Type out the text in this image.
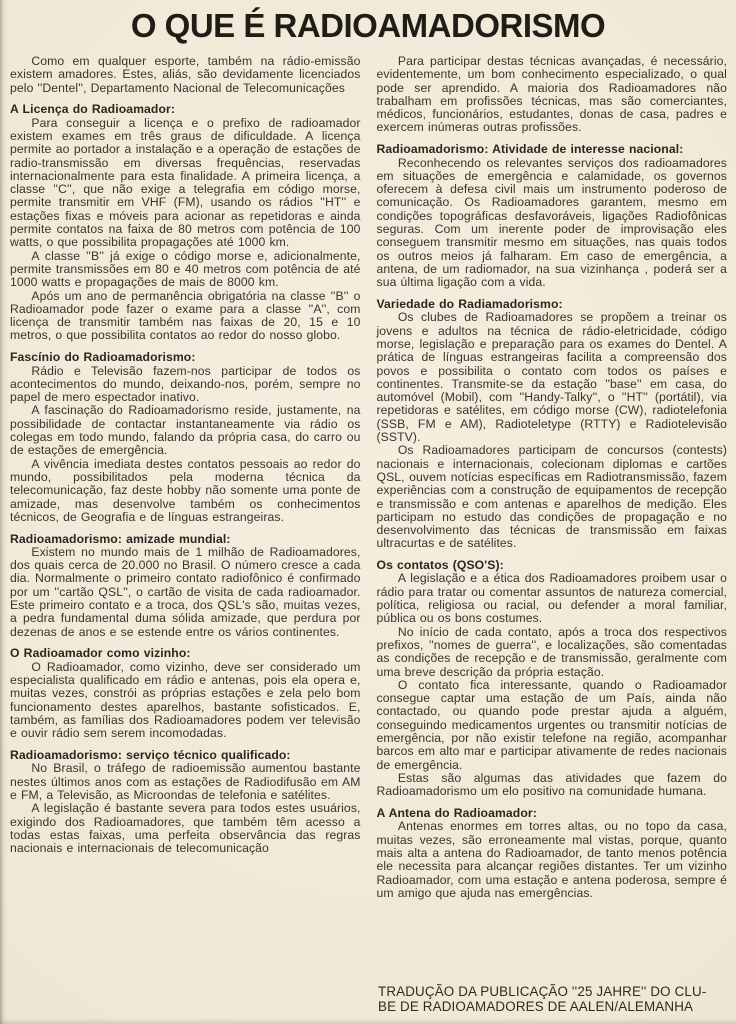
O QUE É RADIOAMADORISMO
Como em qualquer esporte, também na rádio-emissão existem amadores. Estes, aliás, são devidamente licenciados pelo ''Dentel'', Departamento Nacional de Telecomunicações
A Licença do Radioamador:
Para conseguir a licença e o prefixo de radioamador existem exames em três graus de dificuldade. A licença permite ao portador a instalação e a operação de estações de radio-transmissão em diversas frequências, reservadas internacionalmente para esta finalidade. A primeira licença, a classe ''C'', que não exige a telegrafia em código morse, permite transmitir em VHF (FM), usando os rádios ''HT'' e estações fixas e móveis para acionar as repetidoras e ainda permite contatos na faixa de 80 metros com potência de 100 watts, o que possibilita propagações até 1000 km.
A classe ''B'' já exige o código morse e, adicionalmente, permite transmissões em 80 e 40 metros com potência de até 1000 watts e propagações de mais de 8000 km.
Após um ano de permanência obrigatória na classe ''B'' o Radioamador pode fazer o exame para a classe ''A'', com licença de transmitir também nas faixas de 20, 15 e 10 metros, o que possibilita contatos ao redor do nosso globo.
Fascínio do Radioamadorismo:
Rádio e Televisão fazem-nos participar de todos os acontecimentos do mundo, deixando-nos, porém, sempre no papel de mero espectador inativo.
A fascinação do Radioamadorismo reside, justamente, na possibilidade de contactar instantaneamente via rádio os colegas em todo mundo, falando da própria casa, do carro ou de estações de emergência.
A vivência imediata destes contatos pessoais ao redor do mundo, possibilitados pela moderna técnica da telecomunicação, faz deste hobby não somente uma ponte de amizade, mas desenvolve também os conhecimentos técnicos, de Geografia e de línguas estrangeiras.
Radioamadorismo: amizade mundial:
Existem no mundo mais de 1 milhão de Radioamadores, dos quais cerca de 20.000 no Brasil. O número cresce a cada dia. Normalmente o primeiro contato radiofônico é confirmado por um ''cartão QSL'', o cartão de visita de cada radioamador. Este primeiro contato e a troca, dos QSL's são, muitas vezes, a pedra fundamental duma sólida amizade, que perdura por dezenas de anos e se estende entre os vários continentes.
O Radioamador como vizinho:
O Radioamador, como vizinho, deve ser considerado um especialista qualificado em rádio e antenas, pois ela opera e, muitas vezes, constrói as próprias estações e zela pelo bom funcionamento destes aparelhos, bastante sofisticados. E, também, as famílias dos Radioamadores podem ver televisão e ouvir rádio sem serem incomodadas.
Radioamadorismo: serviço técnico qualificado:
No Brasil, o tráfego de radioemissão aumentou bastante nestes últimos anos com as estações de Radiodifusão em AM e FM, a Televisão, as Microondas de telefonia e satélites.
A legislação é bastante severa para todos estes usuários, exigindo dos Radioamadores, que também têm acesso a todas estas faixas, uma perfeita observância das regras nacionais e internacionais de telecomunicação
Para participar destas técnicas avançadas, é necessário, evidentemente, um bom conhecimento especializado, o qual pode ser aprendido. A maioria dos Radioamadores não trabalham em profissões técnicas, mas são comerciantes, médicos, funcionários, estudantes, donas de casa, padres e exercem inúmeras outras profissões.
Radioamadorismo: Atividade de interesse nacional:
Reconhecendo os relevantes serviços dos radioamadores em situações de emergência e calamidade, os governos oferecem à defesa civil mais um instrumento poderoso de comunicação. Os Radioamadores garantem, mesmo em condições topográficas desfavoráveis, ligações Radiofônicas seguras. Com um inerente poder de improvisação eles conseguem transmitir mesmo em situações, nas quais todos os outros meios já falharam. Em caso de emergência, a antena, de um radiomador, na sua vizinhança , poderá ser a sua última ligação com a vida.
Variedade do Radiamadorismo:
Os clubes de Radioamadores se propõem a treinar os jovens e adultos na técnica de rádio-eletricidade, código morse, legislação e preparação para os exames do Dentel. A prática de línguas estrangeiras facilita a compreensão dos povos e possibilita o contato com todos os países e continentes. Transmite-se da estação ''base'' em casa, do automóvel (Mobil), com ''Handy-Talky'', o ''HT'' (portátil), via repetidoras e satélites, em código morse (CW), radiotelefonia (SSB, FM e AM), Radioteletype (RTTY) e Radiotelevisão (SSTV).
Os Radioamadores participam de concursos (contests) nacionais e internacionais, colecionam diplomas e cartões QSL, ouvem notícias específicas em Radiotransmissão, fazem experiências com a construção de equipamentos de recepção e transmissão e com antenas e aparelhos de medição. Eles participam no estudo das condições de propagação e no desenvolvimento das técnicas de transmissão em faixas ultracurtas e de satélites.
Os contatos (QSO'S):
A legislação e a ética dos Radioamadores proibem usar o rádio para tratar ou comentar assuntos de natureza comercial, política, religiosa ou racial, ou defender a moral familiar, pública ou os bons costumes.
No início de cada contato, após a troca dos respectivos prefixos, ''nomes de guerra'', e localizações, são comentadas as condições de recepção e de transmissão, geralmente com uma breve descrição da própria estação.
O contato fica interessante, quando o Radioamador consegue captar uma estação de um País, ainda não contactado, ou quando pode prestar ajuda a alguém, conseguindo medicamentos urgentes ou transmitir notícias de emergência, por não existir telefone na região, acompanhar barcos em alto mar e participar ativamente de redes nacionais de emergência.
Estas são algumas das atividades que fazem do Radioamadorismo um elo positivo na comunidade humana.
A Antena do Radioamador:
Antenas enormes em torres altas, ou no topo da casa, muitas vezes, são erroneamente mal vistas, porque, quanto mais alta a antena do Radioamador, de tanto menos potência ele necessita para alcançar regiões distantes. Ter um vizinho Radioamador, com uma estação e antena poderosa, sempre é um amigo que ajuda nas emergências.
TRADUÇÃO DA PUBLICAÇÃO ''25 JAHRE'' DO CLU-
BE DE RADIOAMADORES DE AALEN/ALEMANHA
